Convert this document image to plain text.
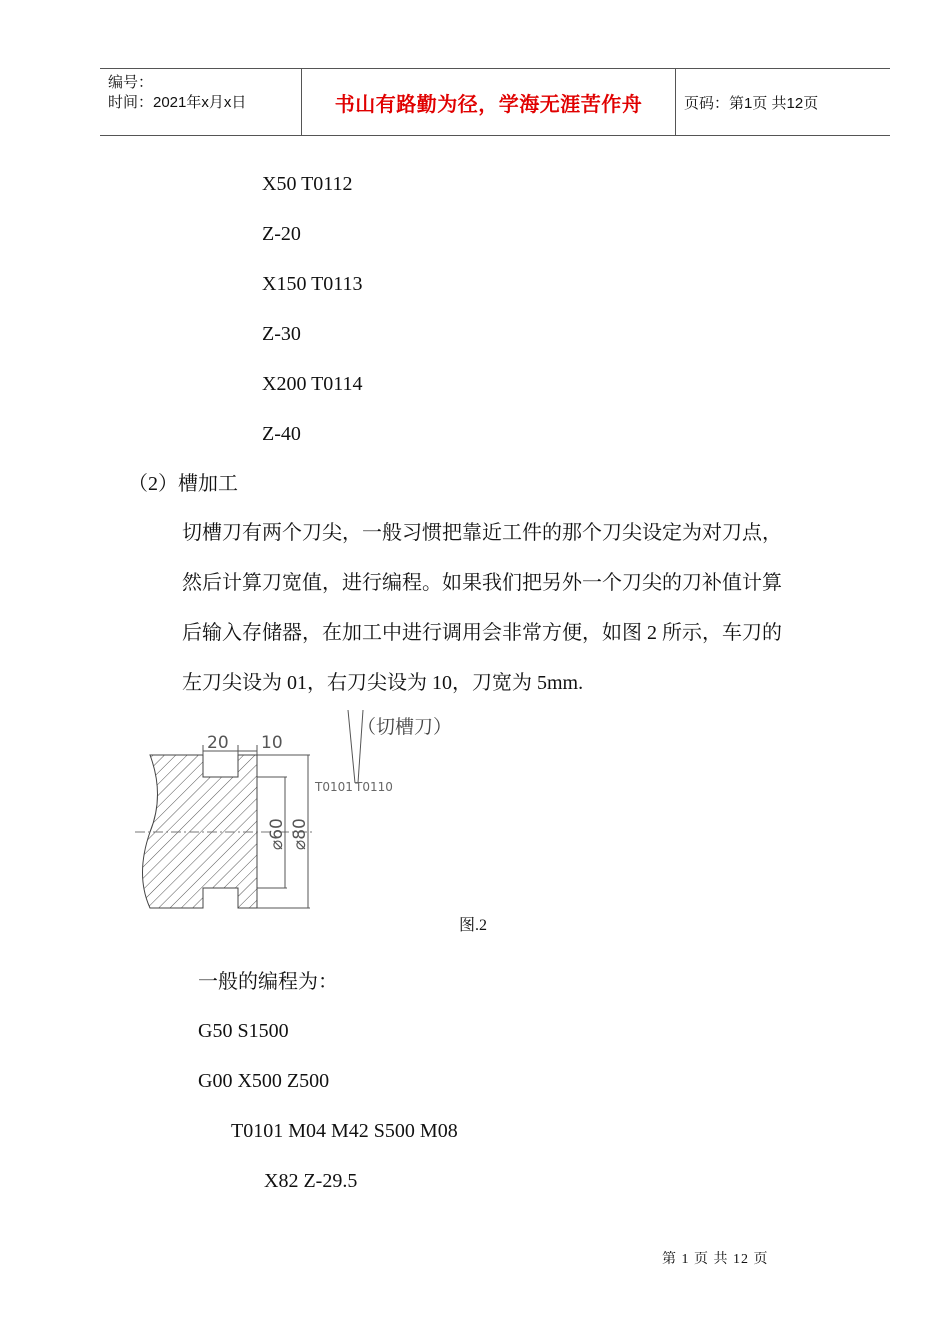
编号：
时间：2021年x月x日	书山有路勤为径，学海无涯苦作舟	页码：第1页 共12页
X50 T0112
Z-20
X150 T0113
Z-30
X200 T0114
Z-40
（2）槽加工
切槽刀有两个刀尖，一般习惯把靠近工件的那个刀尖设定为对刀点，
然后计算刀宽值，进行编程。如果我们把另外一个刀尖的刀补值计算
后输入存储器，在加工中进行调用会非常方便，如图 2 所示，车刀的
左刀尖设为 01，右刀尖设为 10，刀宽为 5mm.
20 10
⌀60 ⌀80
（切槽刀）
T0101 T0110
图.2
一般的编程为：
G50 S1500
G00 X500 Z500
T0101 M04 M42 S500 M08
X82 Z-29.5
第 1 页 共 12 页
